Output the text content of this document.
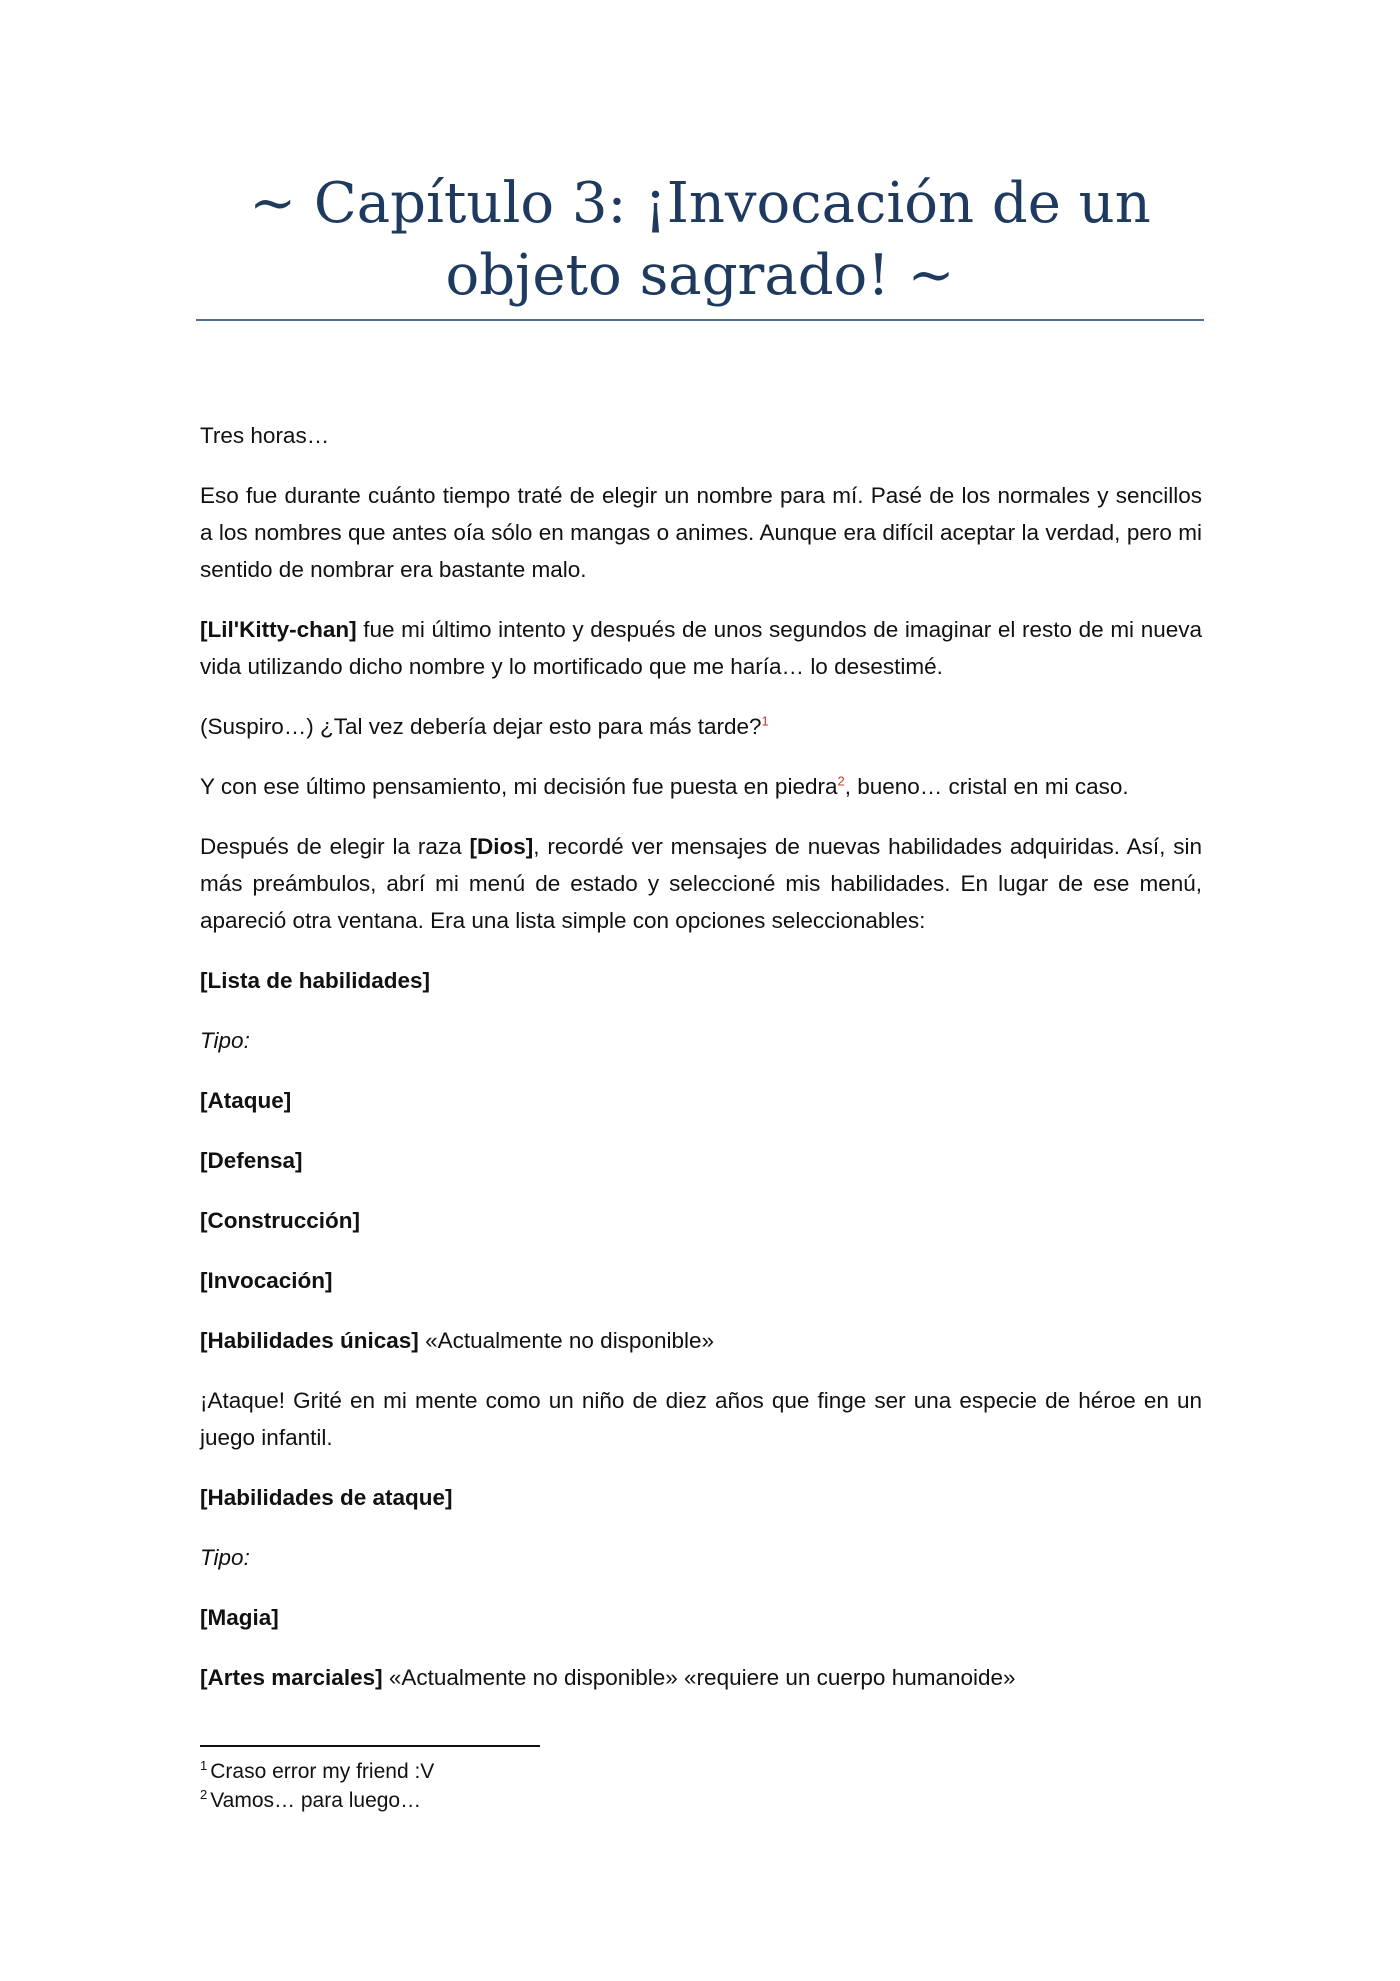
~ Capítulo 3: ¡Invocación de un
objeto sagrado! ~

Tres horas…

Eso fue durante cuánto tiempo traté de elegir un nombre para mí. Pasé de los normales y sencillos a los nombres que antes oía sólo en mangas o animes. Aunque era difícil aceptar la verdad, pero mi sentido de nombrar era bastante malo.

[Lil'Kitty-chan] fue mi último intento y después de unos segundos de imaginar el resto de mi nueva vida utilizando dicho nombre y lo mortificado que me haría… lo desestimé.

(Suspiro…) ¿Tal vez debería dejar esto para más tarde?$^1$

Y con ese último pensamiento, mi decisión fue puesta en piedra$^2$, bueno… cristal en mi caso.

Después de elegir la raza [Dios], recordé ver mensajes de nuevas habilidades adquiridas. Así, sin más preámbulos, abrí mi menú de estado y seleccioné mis habilidades. En lugar de ese menú, apareció otra ventana. Era una lista simple con opciones seleccionables:

[Lista de habilidades]

Tipo:

[Ataque]

[Defensa]

[Construcción]

[Invocación]

[Habilidades únicas] «Actualmente no disponible»

¡Ataque! Grité en mi mente como un niño de diez años que finge ser una especie de héroe en un juego infantil.

[Habilidades de ataque]

Tipo:

[Magia]

[Artes marciales] «Actualmente no disponible» «requiere un cuerpo humanoide»

$^1$ Craso error my friend :V

$^2$ Vamos… para luego…
